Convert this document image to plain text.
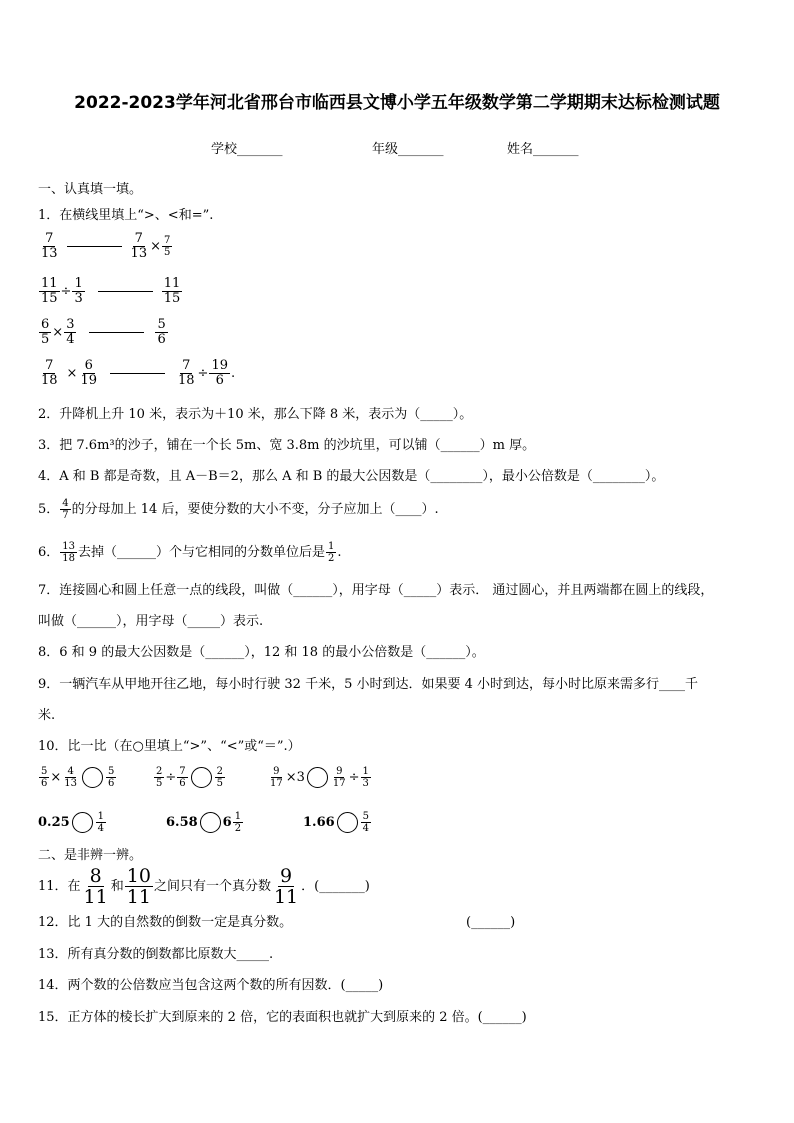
2022-2023学年河北省邢台市临西县文博小学五年级数学第二学期期末达标检测试题
学校_______	年级_______	姓名_______
一、认真填一填。
1．在横线里填上“>、<和=”.
$\frac{7}{13}$	$\frac{7}{13} \times \frac{7}{5}$
$\frac{11}{15} \div \frac{1}{3}$	$\frac{11}{15}$
$\frac{6}{5} \times \frac{3}{4}$	$\frac{5}{6}$
$\frac{7}{18} \times \frac{6}{19}$	$\frac{7}{18} \div \frac{19}{6}$ .
2．升降机上升 10 米，表示为＋10 米，那么下降 8 米，表示为（_____）。
3．把 7.6m³的沙子，铺在一个长 5m、宽 3.8m 的沙坑里，可以铺（______）m 厚。
4．A 和 B 都是奇数，且 A－B＝2，那么 A 和 B 的最大公因数是（________），最小公倍数是（________）。
5． $\frac{4}{7}$ 的分母加上 14 后，要使分数的大小不变，分子应加上（____）.
6． $\frac{13}{18}$ 去掉（______）个与它相同的分数单位后是 $\frac{1}{2}$ .
7．连接圆心和圆上任意一点的线段，叫做（______），用字母（_____）表示． 通过圆心，并且两端都在圆上的线段，
叫做（______），用字母（_____）表示.
8．6 和 9 的最大公因数是（______），12 和 18 的最小公倍数是（______）。
9．一辆汽车从甲地开往乙地，每小时行驶 32 千米，5 小时到达．如果要 4 小时到达，每小时比原来需多行____千
米.
10．比一比（在○里填上“>”、“<”或“＝”.）
$\frac{5}{6} \times \frac{4}{13}$	$\frac{5}{6}$	$\frac{2}{5} \div \frac{7}{6}$	$\frac{2}{5}$	$\frac{9}{17} \times 3$	$\frac{9}{17} \div \frac{1}{3}$
0.25	$\frac{1}{4}$	6.58 $6 \frac{1}{2}$	1.66	$\frac{5}{4}$
二、是非辨一辨。
11．在 $\frac{8}{11}$ 和 $\frac{10}{11}$ 之间只有一个真分数 $\frac{9}{11}$ ．(_______)
12．比 1 大的自然数的倒数一定是真分数。	(______)
13．所有真分数的倒数都比原数大_____.
14．两个数的公倍数应当包含这两个数的所有因数．(_____)
15．正方体的棱长扩大到原来的 2 倍，它的表面积也就扩大到原来的 2 倍。(______)
